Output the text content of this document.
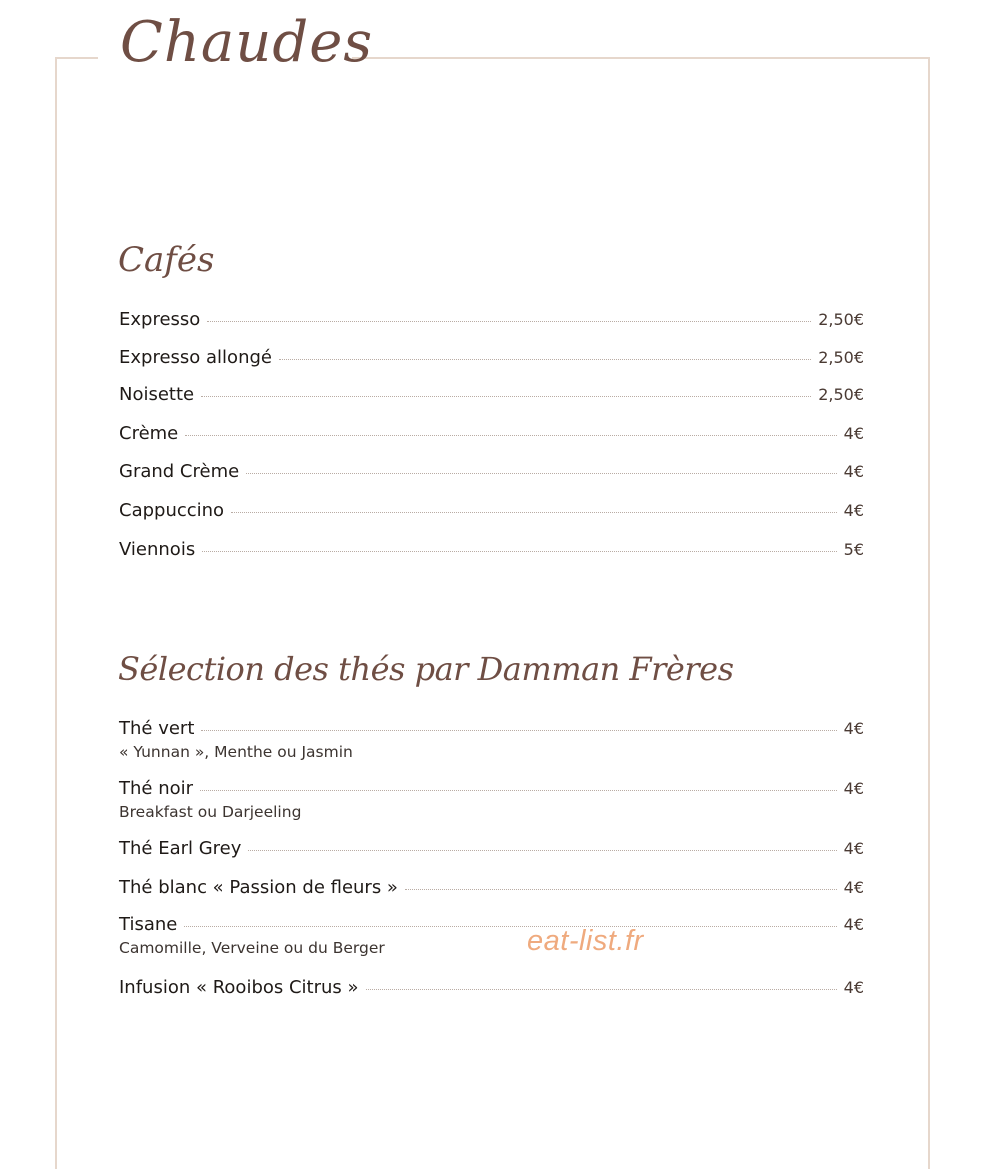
Chaudes
Cafés
Expresso	2,50€
Expresso allongé	2,50€
Noisette	2,50€
Crème	4€
Grand Crème	4€
Cappuccino	4€
Viennois	5€
Sélection des thés par Damman Frères
Thé vert	4€
« Yunnan », Menthe ou Jasmin
Thé noir	4€
Breakfast ou Darjeeling
Thé Earl Grey	4€
Thé blanc « Passion de fleurs »	4€
Tisane	4€
Camomille, Verveine ou du Berger
Infusion « Rooibos Citrus »	4€
eat-list.fr
